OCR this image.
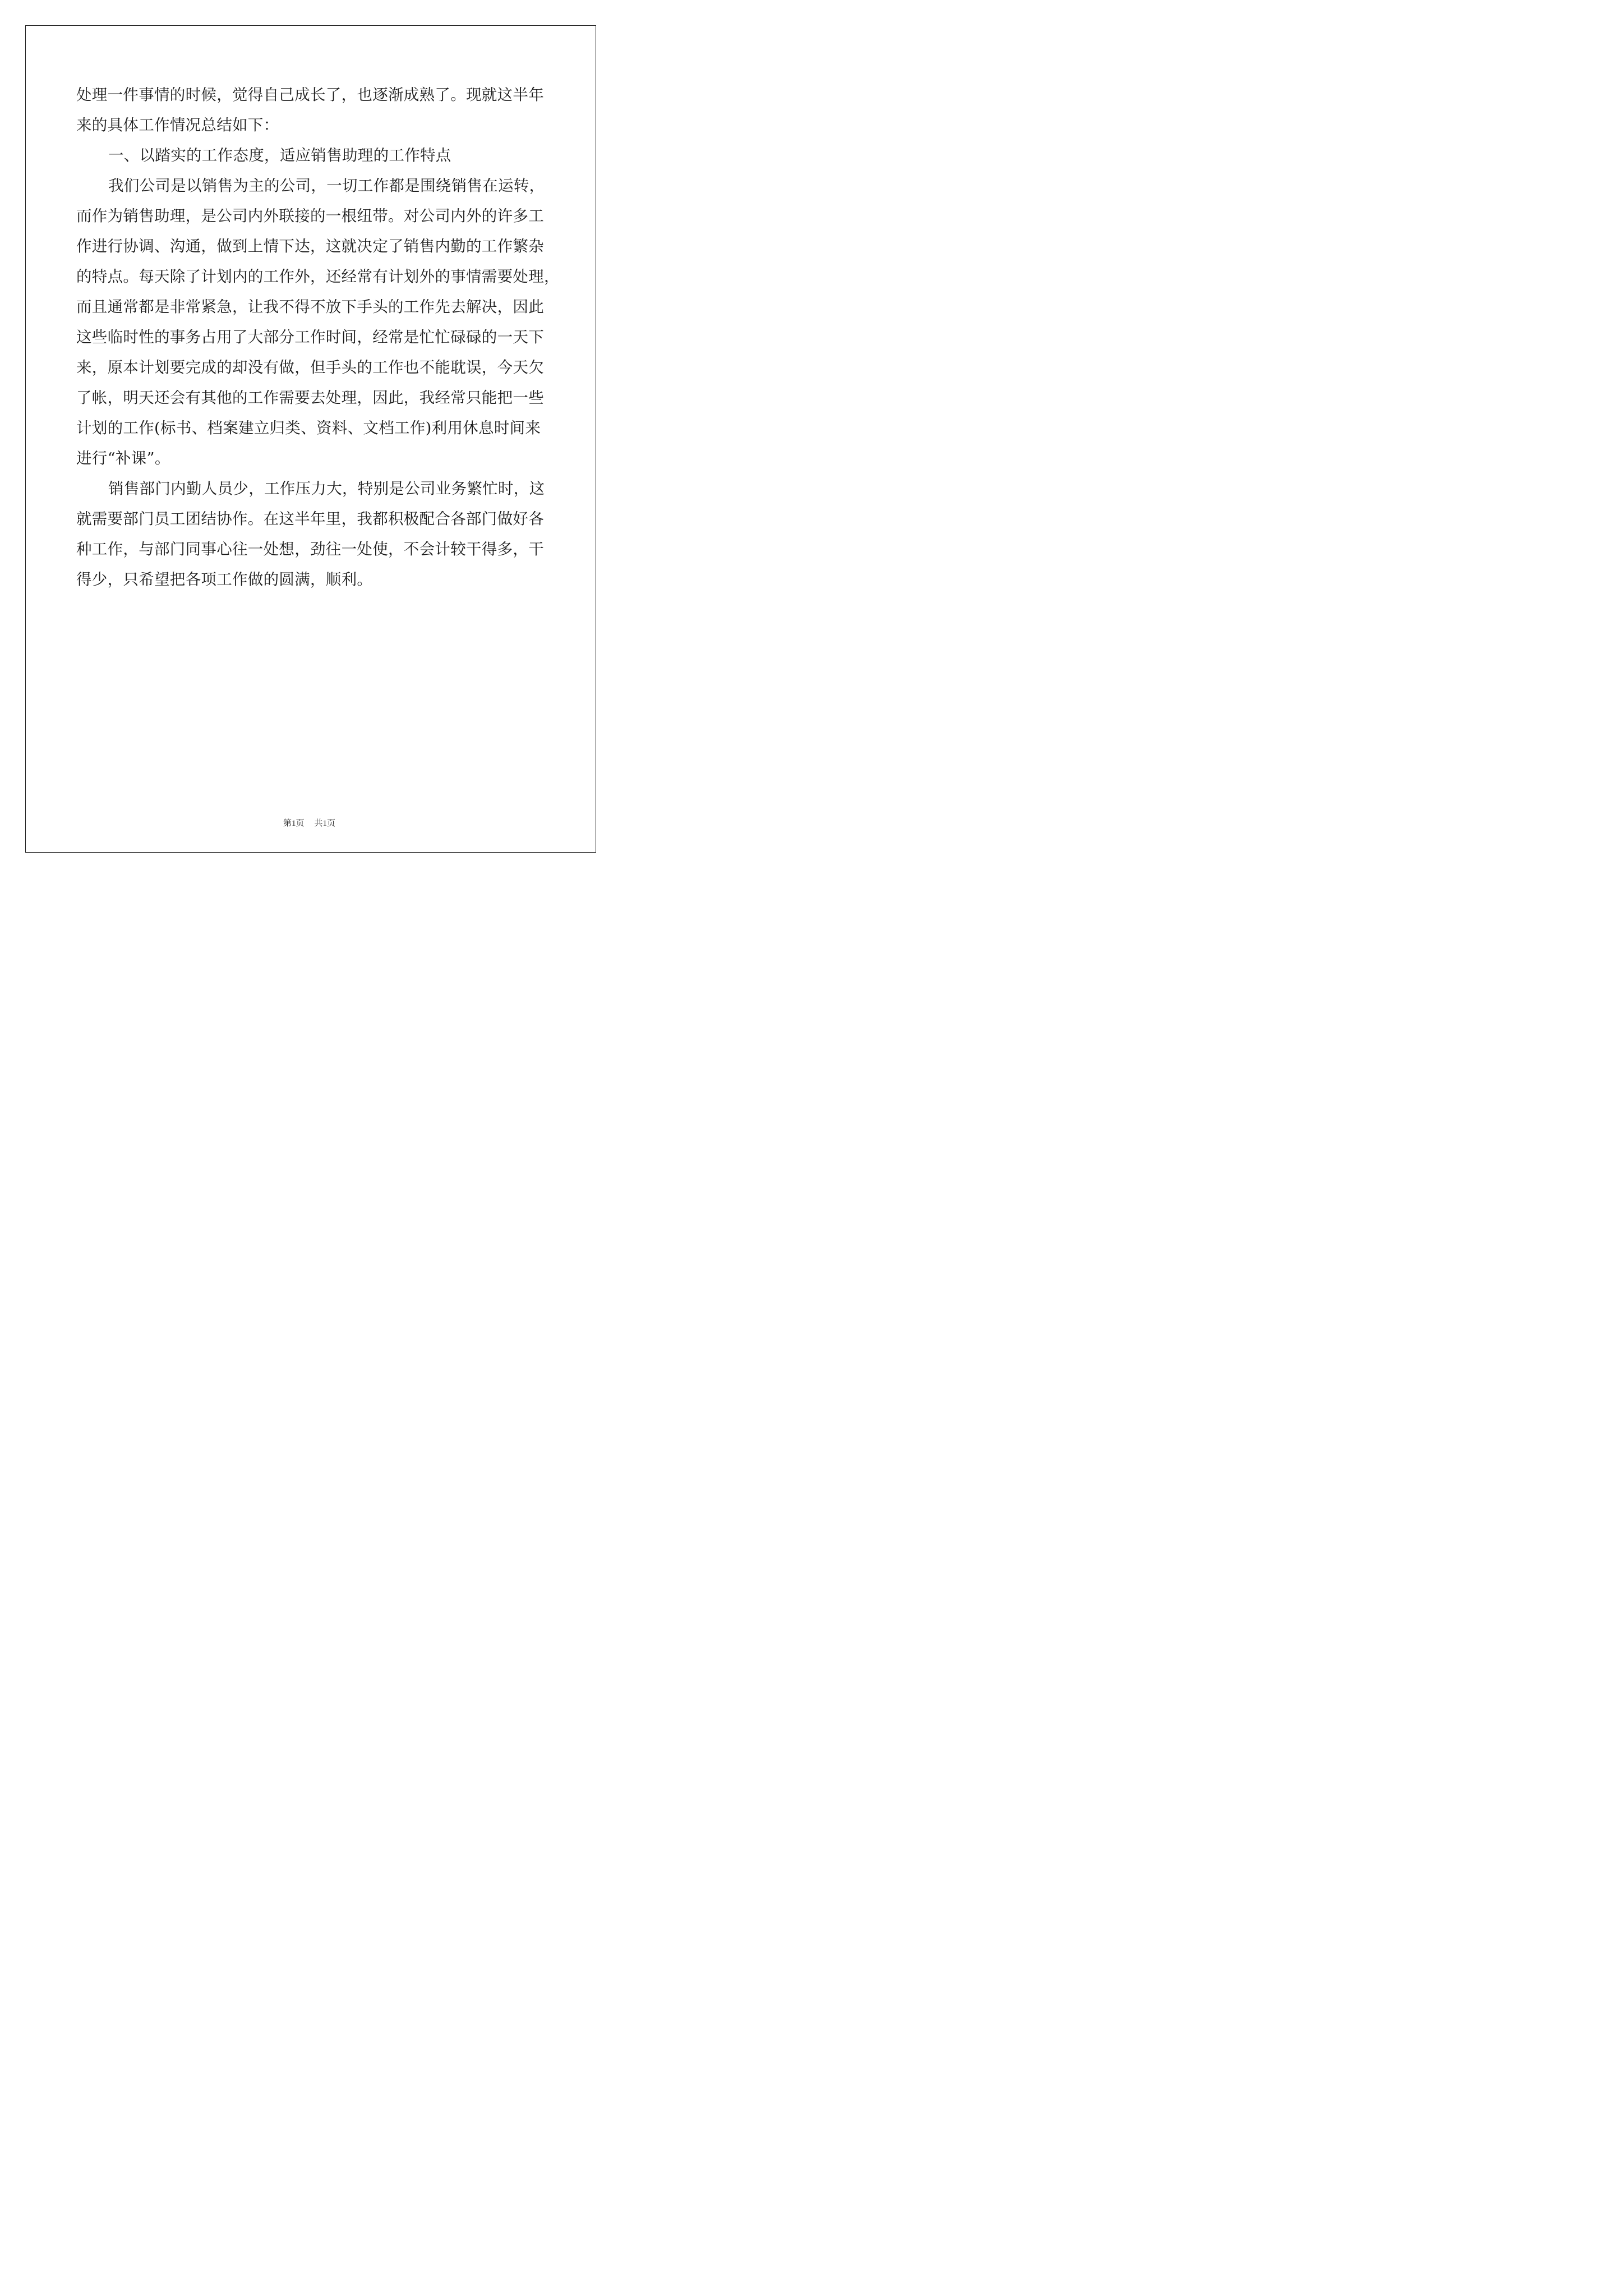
处理一件事情的时候，觉得自己成长了，也逐渐成熟了。现就这半年
来的具体工作情况总结如下：
一、以踏实的工作态度，适应销售助理的工作特点
我们公司是以销售为主的公司，一切工作都是围绕销售在运转，
而作为销售助理，是公司内外联接的一根纽带。对公司内外的许多工
作进行协调、沟通，做到上情下达，这就决定了销售内勤的工作繁杂
的特点。每天除了计划内的工作外，还经常有计划外的事情需要处理，
而且通常都是非常紧急，让我不得不放下手头的工作先去解决，因此
这些临时性的事务占用了大部分工作时间，经常是忙忙碌碌的一天下
来，原本计划要完成的却没有做，但手头的工作也不能耽误，今天欠
了帐，明天还会有其他的工作需要去处理，因此，我经常只能把一些
计划的工作(标书、档案建立归类、资料、文档工作)利用休息时间来
进行“补课”。
销售部门内勤人员少，工作压力大，特别是公司业务繁忙时，这
就需要部门员工团结协作。在这半年里，我都积极配合各部门做好各
种工作，与部门同事心往一处想，劲往一处使，不会计较干得多，干
得少，只希望把各项工作做的圆满，顺利。
第1页 共1页
